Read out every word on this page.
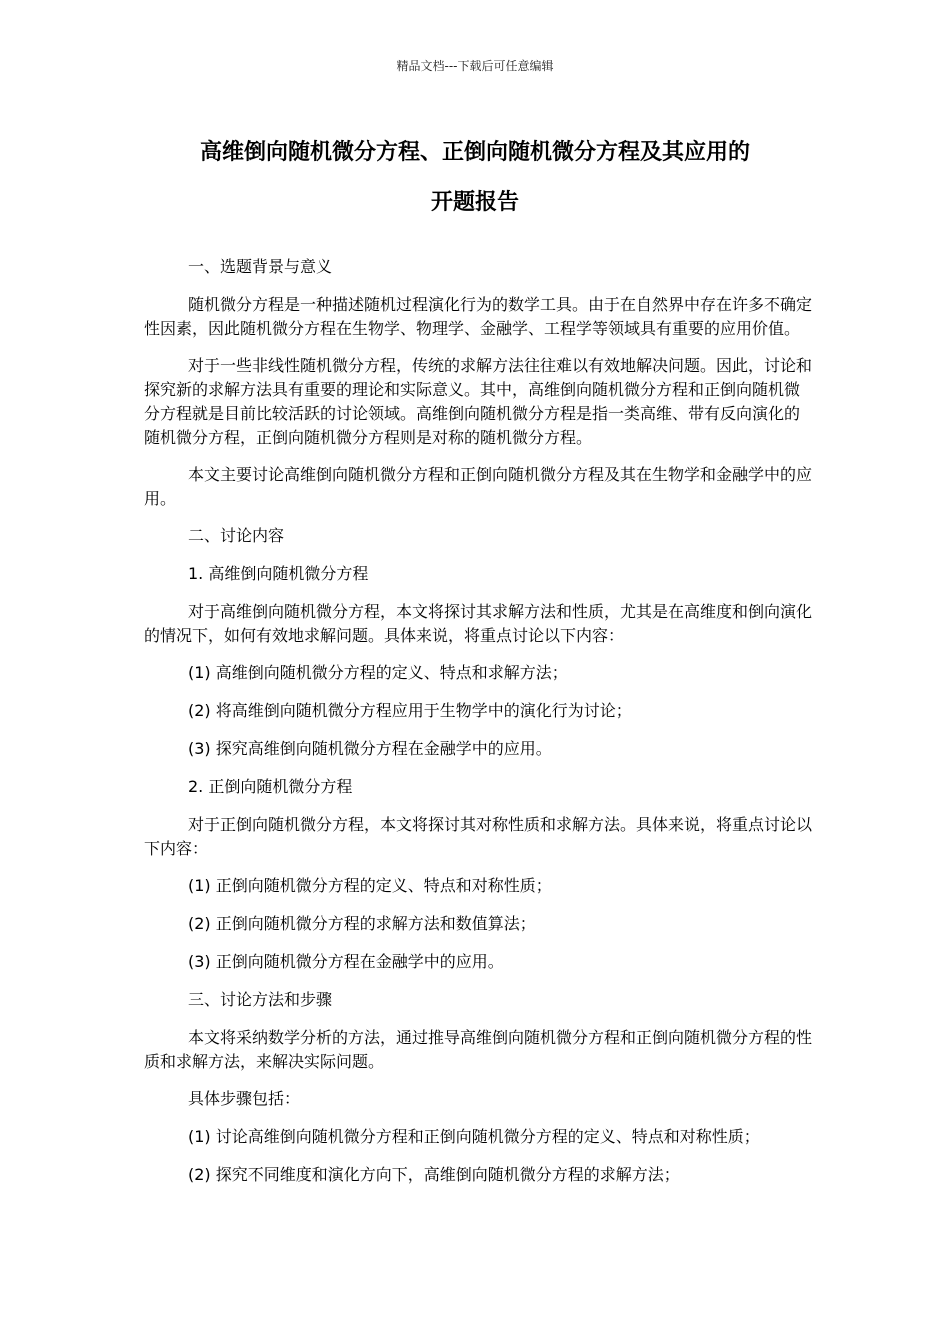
精品文档---下载后可任意编辑
高维倒向随机微分方程、正倒向随机微分方程及其应用的
开题报告

一、选题背景与意义

随机微分方程是一种描述随机过程演化行为的数学工具。由于在自然界中存在许多不确定性因素，因此随机微分方程在生物学、物理学、金融学、工程学等领域具有重要的应用价值。

对于一些非线性随机微分方程，传统的求解方法往往难以有效地解决问题。因此，讨论和探究新的求解方法具有重要的理论和实际意义。其中，高维倒向随机微分方程和正倒向随机微分方程就是目前比较活跃的讨论领域。高维倒向随机微分方程是指一类高维、带有反向演化的随机微分方程，正倒向随机微分方程则是对称的随机微分方程。

本文主要讨论高维倒向随机微分方程和正倒向随机微分方程及其在生物学和金融学中的应用。

二、讨论内容

1. 高维倒向随机微分方程

对于高维倒向随机微分方程，本文将探讨其求解方法和性质，尤其是在高维度和倒向演化的情况下，如何有效地求解问题。具体来说，将重点讨论以下内容：

(1) 高维倒向随机微分方程的定义、特点和求解方法；

(2) 将高维倒向随机微分方程应用于生物学中的演化行为讨论；

(3) 探究高维倒向随机微分方程在金融学中的应用。

2. 正倒向随机微分方程

对于正倒向随机微分方程，本文将探讨其对称性质和求解方法。具体来说，将重点讨论以下内容：

(1) 正倒向随机微分方程的定义、特点和对称性质；

(2) 正倒向随机微分方程的求解方法和数值算法；

(3) 正倒向随机微分方程在金融学中的应用。

三、讨论方法和步骤

本文将采纳数学分析的方法，通过推导高维倒向随机微分方程和正倒向随机微分方程的性质和求解方法，来解决实际问题。

具体步骤包括：

(1) 讨论高维倒向随机微分方程和正倒向随机微分方程的定义、特点和对称性质；

(2) 探究不同维度和演化方向下，高维倒向随机微分方程的求解方法；
